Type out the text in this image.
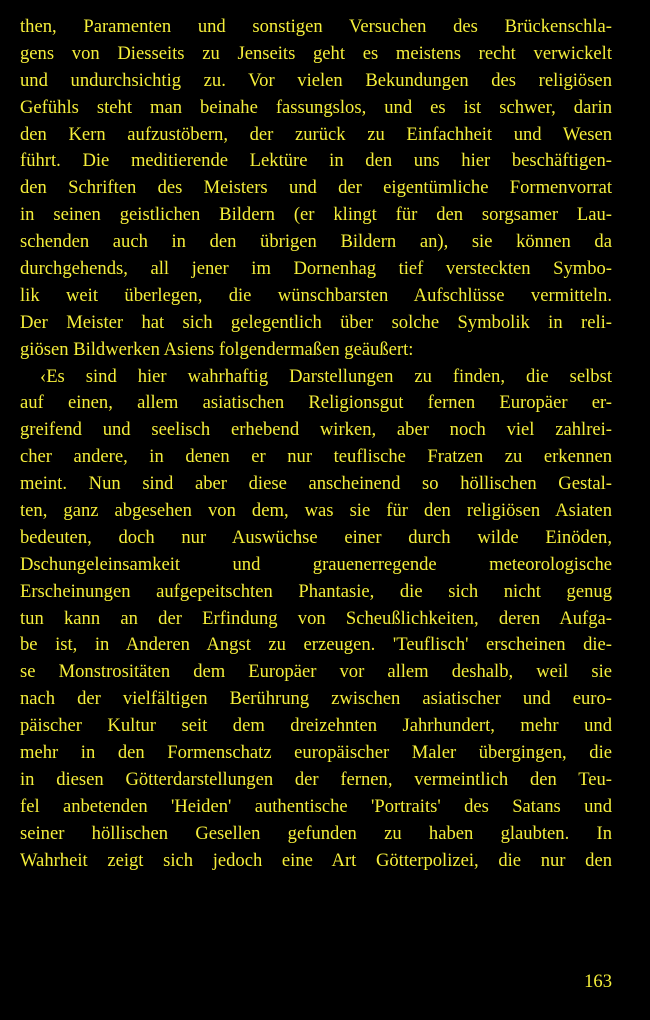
then, Paramenten und sonstigen Versuchen des Brückenschla-
gens von Diesseits zu Jenseits geht es meistens recht verwickelt
und undurchsichtig zu. Vor vielen Bekundungen des religiösen
Gefühls steht man beinahe fassungslos, und es ist schwer, darin
den Kern aufzustöbern, der zurück zu Einfachheit und Wesen
führt. Die meditierende Lektüre in den uns hier beschäftigen-
den Schriften des Meisters und der eigentümliche Formenvorrat
in seinen geistlichen Bildern (er klingt für den sorgsamer Lau-
schenden auch in den übrigen Bildern an), sie können da
durchgehends, all jener im Dornenhag tief versteckten Symbo-
lik weit überlegen, die wünschbarsten Aufschlüsse vermitteln.
Der Meister hat sich gelegentlich über solche Symbolik in reli-
giösen Bildwerken Asiens folgendermaßen geäußert:
‹Es sind hier wahrhaftig Darstellungen zu finden, die selbst
auf einen, allem asiatischen Religionsgut fernen Europäer er-
greifend und seelisch erhebend wirken, aber noch viel zahlrei-
cher andere, in denen er nur teuflische Fratzen zu erkennen
meint. Nun sind aber diese anscheinend so höllischen Gestal-
ten, ganz abgesehen von dem, was sie für den religiösen Asiaten
bedeuten, doch nur Auswüchse einer durch wilde Einöden,
Dschungeleinsamkeit und grauenerregende meteorologische
Erscheinungen aufgepeitschten Phantasie, die sich nicht genug
tun kann an der Erfindung von Scheußlichkeiten, deren Aufga-
be ist, in Anderen Angst zu erzeugen. 'Teuflisch' erscheinen die-
se Monstrositäten dem Europäer vor allem deshalb, weil sie
nach der vielfältigen Berührung zwischen asiatischer und euro-
päischer Kultur seit dem dreizehnten Jahrhundert, mehr und
mehr in den Formenschatz europäischer Maler übergingen, die
in diesen Götterdarstellungen der fernen, vermeintlich den Teu-
fel anbetenden 'Heiden' authentische 'Portraits' des Satans und
seiner höllischen Gesellen gefunden zu haben glaubten. In
Wahrheit zeigt sich jedoch eine Art Götterpolizei, die nur den
163
